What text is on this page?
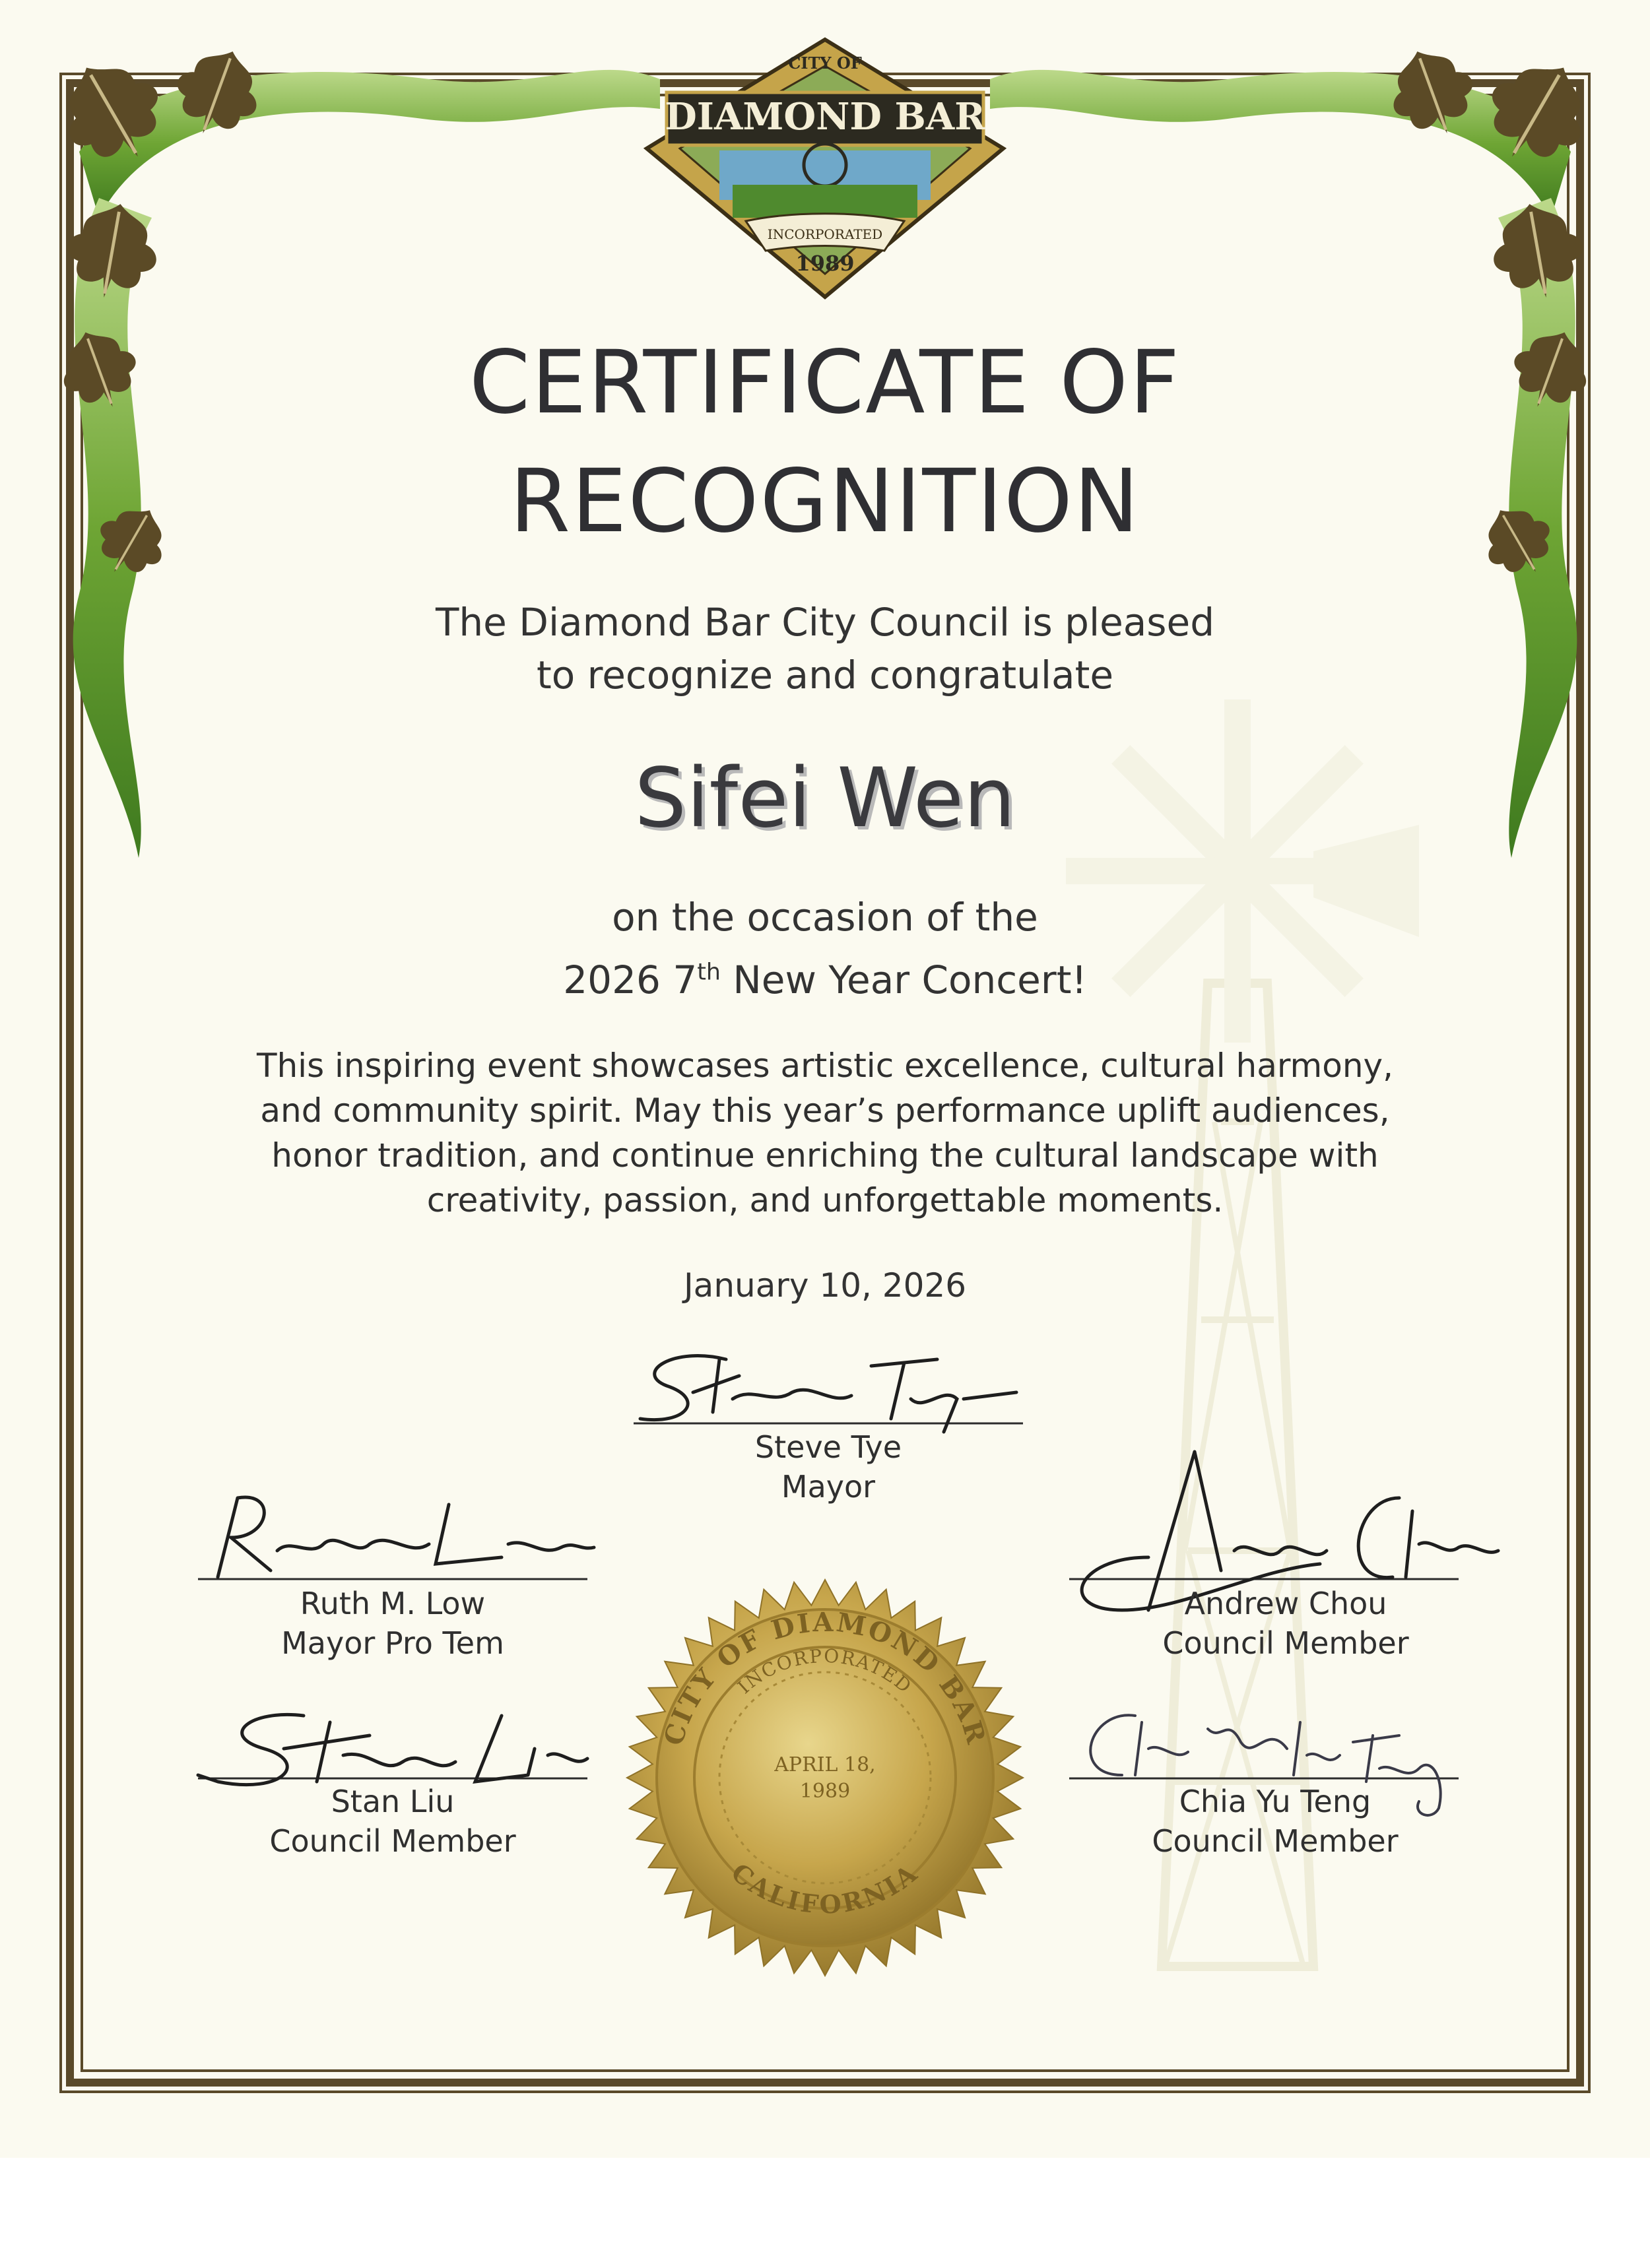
DIAMOND BAR
CITY OF
INCORPORATED
1989
CITY OF DIAMOND BAR
CALIFORNIA
INCORPORATED
APRIL 18,
1989
CERTIFICATE OF
RECOGNITION
The Diamond Bar City Council is pleased
to recognize and congratulate
Sifei Wen
on the occasion of the
2026 7th New Year Concert!
This inspiring event showcases artistic excellence, cultural harmony,
and community spirit. May this year’s performance uplift audiences,
honor tradition, and continue enriching the cultural landscape with
creativity, passion, and unforgettable moments.
January 10, 2026
Steve Tye
Mayor
Ruth M. Low
Mayor Pro Tem
Andrew Chou
Council Member
Stan Liu
Council Member
Chia Yu Teng
Council Member
